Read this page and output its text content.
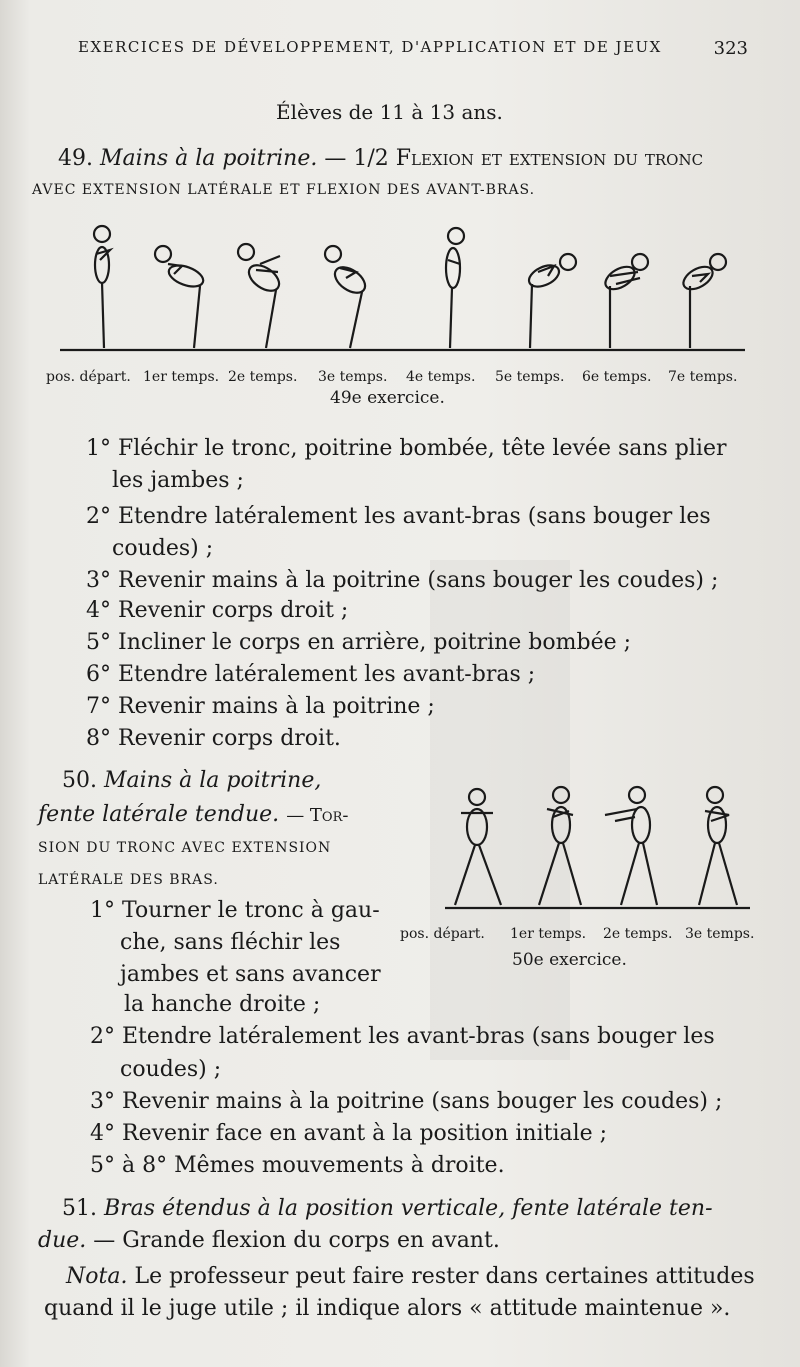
EXERCICES DE DÉVELOPPEMENT, D'APPLICATION ET DE JEUX	323
Élèves de 11 à 13 ans.
49. Mains à la poitrine. — 1/2 Flexion et extension du tronc
AVEC EXTENSION LATÉRALE ET FLEXION DES AVANT-BRAS.
pos. départ. 1er temps. 2e temps. 3e temps. 4e temps. 5e temps. 6e temps. 7e temps.
49e exercice.
1° Fléchir le tronc, poitrine bombée, tête levée sans plier
les jambes ;
2° Etendre latéralement les avant-bras (sans bouger les
coudes) ;
3° Revenir mains à la poitrine (sans bouger les coudes) ;
4° Revenir corps droit ;
5° Incliner le corps en arrière, poitrine bombée ;
6° Etendre latéralement les avant-bras ;
7° Revenir mains à la poitrine ;
8° Revenir corps droit.
50. Mains à la poitrine,
fente latérale tendue. — Tor-
SION DU TRONC AVEC EXTENSION
LATÉRALE DES BRAS.
pos. départ. 1er temps. 2e temps. 3e temps.
50e exercice.
1° Tourner le tronc à gau-
che, sans fléchir les
jambes et sans avancer
la hanche droite ;
2° Etendre latéralement les avant-bras (sans bouger les
coudes) ;
3° Revenir mains à la poitrine (sans bouger les coudes) ;
4° Revenir face en avant à la position initiale ;
5° à 8° Mêmes mouvements à droite.
51. Bras étendus à la position verticale, fente latérale ten-
due. — Grande flexion du corps en avant.
Nota. Le professeur peut faire rester dans certaines attitudes
quand il le juge utile ; il indique alors « attitude maintenue ».
